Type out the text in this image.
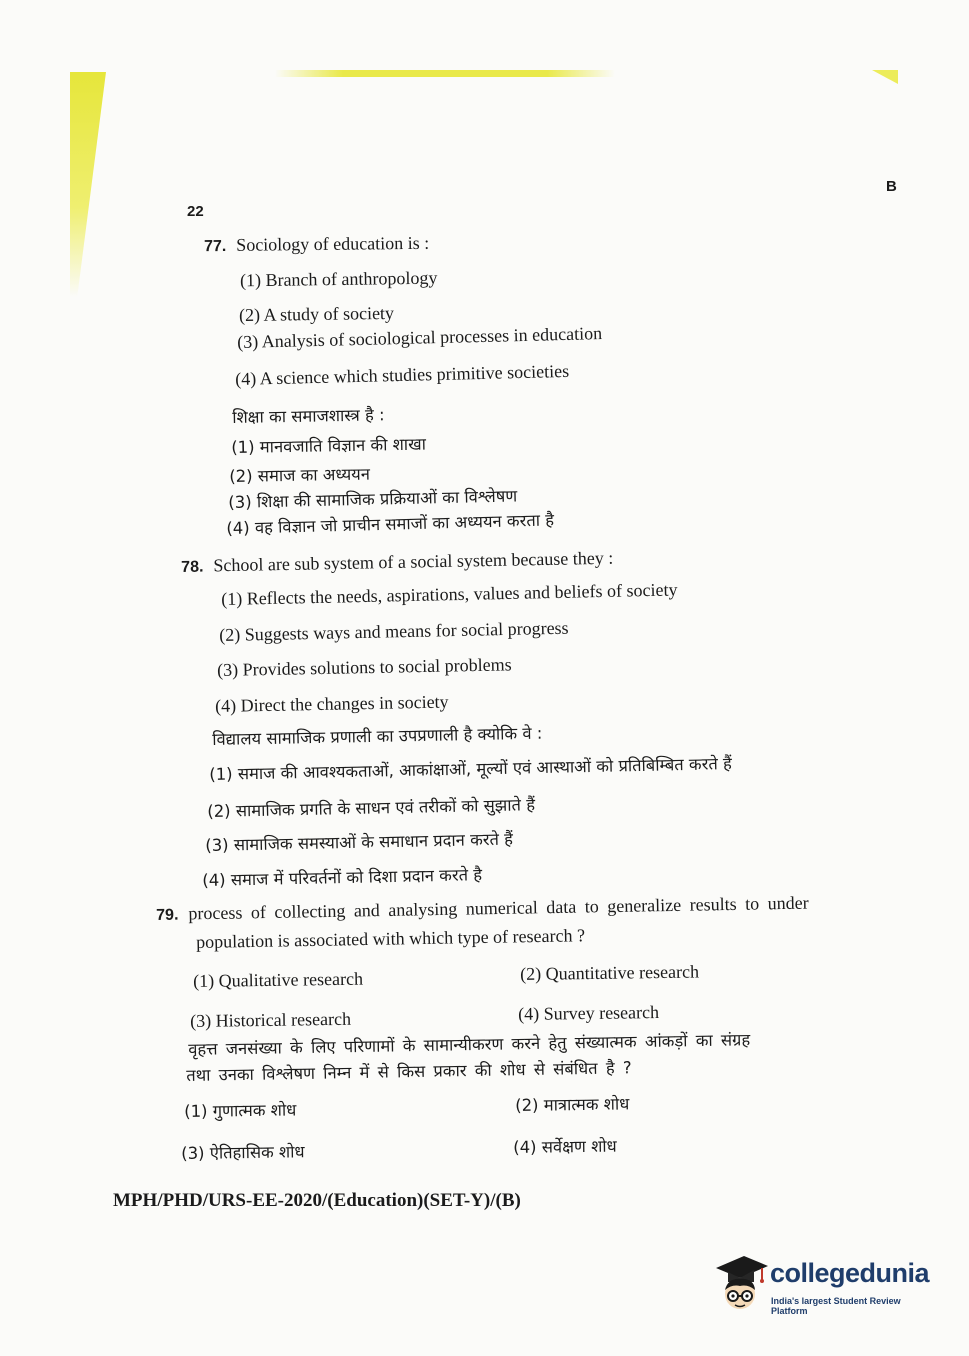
22
B
77. Sociology of education is :
(1) Branch of anthropology
(2) A study of society
(3) Analysis of sociological processes in education
(4) A science which studies primitive societies
शिक्षा का समाजशास्त्र है :
(1) मानवजाति विज्ञान की शाखा
(2) समाज का अध्ययन
(3) शिक्षा की सामाजिक प्रक्रियाओं का विश्लेषण
(4) वह विज्ञान जो प्राचीन समाजों का अध्ययन करता है
78. School are sub system of a social system because they :
(1) Reflects the needs, aspirations, values and beliefs of society
(2) Suggests ways and means for social progress
(3) Provides solutions to social problems
(4) Direct the changes in society
विद्यालय सामाजिक प्रणाली का उपप्रणाली है क्योकि वे :
(1) समाज की आवश्यकताओं, आकांक्षाओं, मूल्यों एवं आस्थाओं को प्रतिबिम्बित करते हैं
(2) सामाजिक प्रगति के साधन एवं तरीकों को सुझाते हैं
(3) सामाजिक समस्याओं के समाधान प्रदान करते हैं
(4) समाज में परिवर्तनों को दिशा प्रदान करते है
79. process of collecting and analysing numerical data to generalize results to under
population is associated with which type of research ?
(1) Qualitative research	(2) Quantitative research
(3) Historical research	(4) Survey research
वृहत्त जनसंख्या के लिए परिणामों के सामान्यीकरण करने हेतु संख्यात्मक आंकड़ों का संग्रह
तथा उनका विश्लेषण निम्न में से किस प्रकार की शोध से संबंधित है ?
(1) गुणात्मक शोध	(2) मात्रात्मक शोध
(3) ऐतिहासिक शोध	(4) सर्वेक्षण शोध
MPH/PHD/URS-EE-2020/(Education)(SET-Y)/(B)
collegedunia
India's largest Student Review Platform
